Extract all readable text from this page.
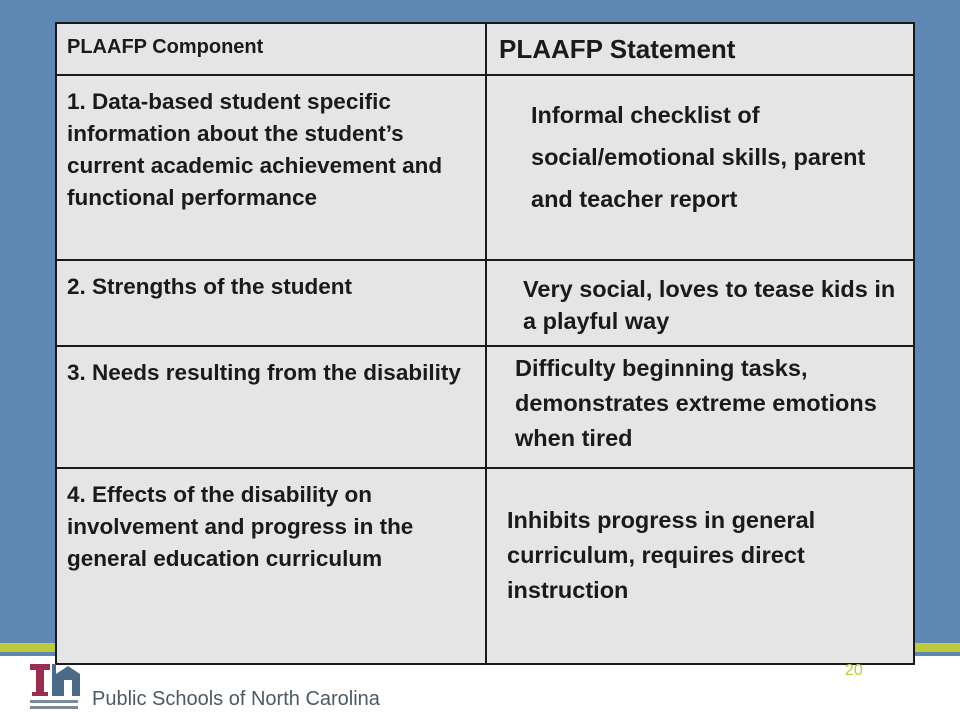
PLAAFP Component	PLAAFP Statement
1. Data-based student specific information about the student’s current academic achievement and functional performance	Informal checklist of social/emotional skills, parent and teacher report
2. Strengths of the student	Very social, loves to tease kids in a playful way
3. Needs resulting from the disability	Difficulty beginning tasks, demonstrates extreme emotions when tired
4. Effects of the disability on involvement and progress in the general education curriculum	Inhibits progress in general curriculum, requires direct instruction
20
Public Schools of North Carolina
